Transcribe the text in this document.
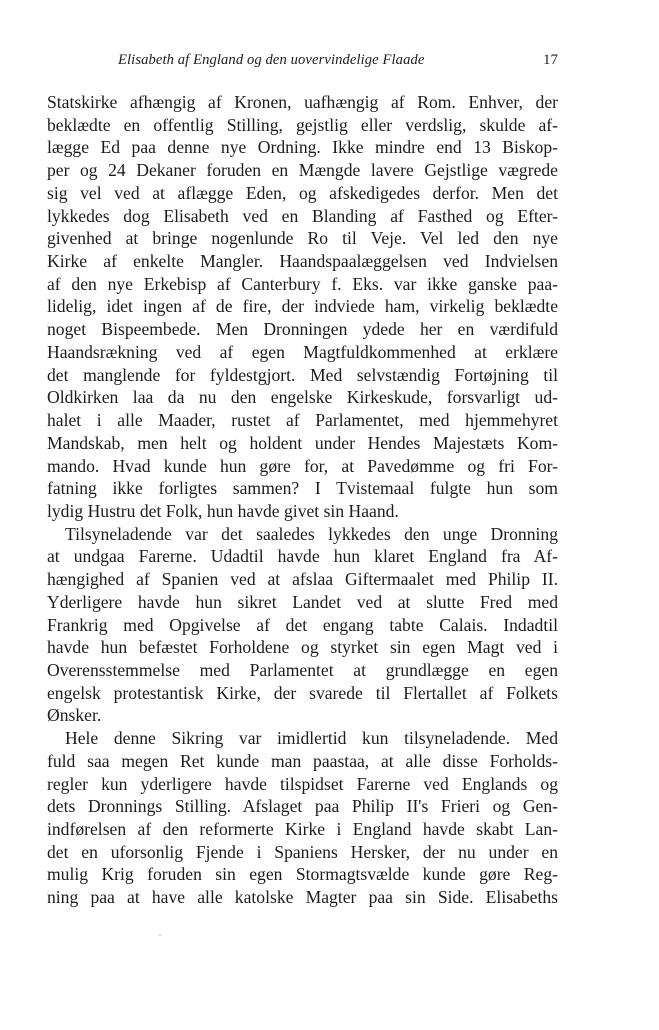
Elisabeth af England og den uovervindelige Flaade	17
Statskirke afhængig af Kronen, uafhængig af Rom. Enhver, der
beklædte en offentlig Stilling, gejstlig eller verdslig, skulde af-
lægge Ed paa denne nye Ordning. Ikke mindre end 13 Biskop-
per og 24 Dekaner foruden en Mængde lavere Gejstlige vægrede
sig vel ved at aflægge Eden, og afskedigedes derfor. Men det
lykkedes dog Elisabeth ved en Blanding af Fasthed og Efter-
givenhed at bringe nogenlunde Ro til Veje. Vel led den nye
Kirke af enkelte Mangler. Haandspaalæggelsen ved Indvielsen
af den nye Erkebisp af Canterbury f. Eks. var ikke ganske paa-
lidelig, idet ingen af de fire, der indviede ham, virkelig beklædte
noget Bispeembede. Men Dronningen ydede her en værdifuld
Haandsrækning ved af egen Magtfuldkommenhed at erklære
det manglende for fyldestgjort. Med selvstændig Fortøjning til
Oldkirken laa da nu den engelske Kirkeskude, forsvarligt ud-
halet i alle Maader, rustet af Parlamentet, med hjemmehyret
Mandskab, men helt og holdent under Hendes Majestæts Kom-
mando. Hvad kunde hun gøre for, at Pavedømme og fri For-
fatning ikke forligtes sammen? I Tvistemaal fulgte hun som
lydig Hustru det Folk, hun havde givet sin Haand.
Tilsyneladende var det saaledes lykkedes den unge Dronning
at undgaa Farerne. Udadtil havde hun klaret England fra Af-
hængighed af Spanien ved at afslaa Giftermaalet med Philip II.
Yderligere havde hun sikret Landet ved at slutte Fred med
Frankrig med Opgivelse af det engang tabte Calais. Indadtil
havde hun befæstet Forholdene og styrket sin egen Magt ved i
Overensstemmelse med Parlamentet at grundlægge en egen
engelsk protestantisk Kirke, der svarede til Flertallet af Folkets
Ønsker.
Hele denne Sikring var imidlertid kun tilsyneladende. Med
fuld saa megen Ret kunde man paastaa, at alle disse Forholds-
regler kun yderligere havde tilspidset Farerne ved Englands og
dets Dronnings Stilling. Afslaget paa Philip II's Frieri og Gen-
indførelsen af den reformerte Kirke i England havde skabt Lan-
det en uforsonlig Fjende i Spaniens Hersker, der nu under en
mulig Krig foruden sin egen Stormagtsvælde kunde gøre Reg-
ning paa at have alle katolske Magter paa sin Side. Elisabeths
